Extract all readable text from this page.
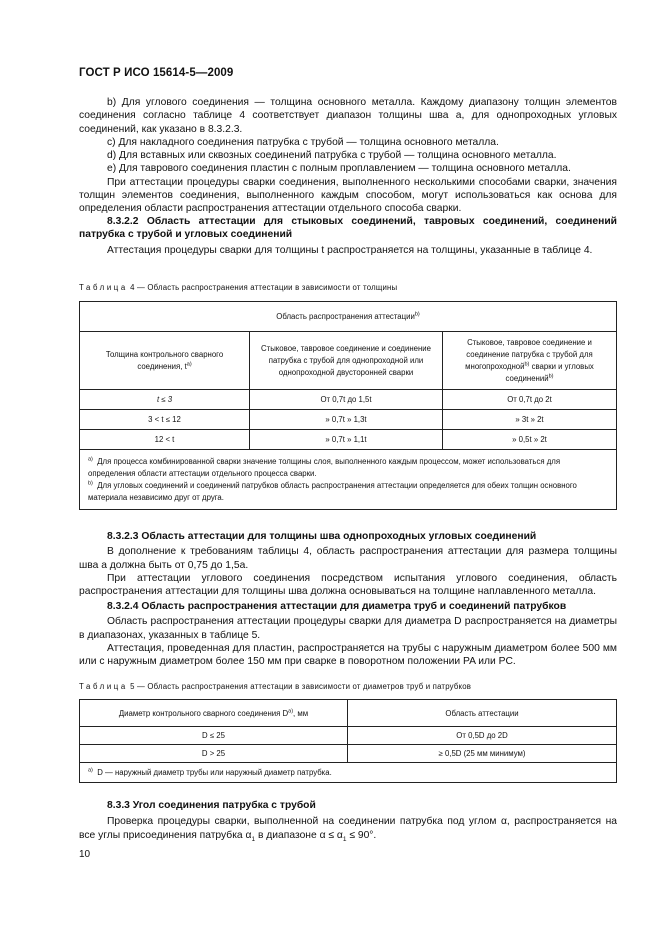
ГОСТ Р ИСО 15614-5—2009
b) Для углового соединения — толщина основного металла. Каждому диапазону толщин элементов соединения согласно таблице 4 соответствует диапазон толщины шва a, для однопроходных угловых соединений, как указано в 8.3.2.3.
c) Для накладного соединения патрубка с трубой — толщина основного металла.
d) Для вставных или сквозных соединений патрубка с трубой — толщина основного металла.
e) Для таврового соединения пластин с полным проплавлением — толщина основного металла.
При аттестации процедуры сварки соединения, выполненного несколькими способами сварки, значения толщин элементов соединения, выполненного каждым способом, могут использоваться как основа для определения области распространения аттестации отдельного способа сварки.
8.3.2.2 Область аттестации для стыковых соединений, тавровых соединений, соединений патрубка с трубой и угловых соединений
Аттестация процедуры сварки для толщины t распространяется на толщины, указанные в таблице 4.
Таблица 4 — Область распространения аттестации в зависимости от толщины
Область распространения аттестации$^{b)}$
Толщина контрольного сварного соединения, $t^{a)}$	Стыковое, тавровое соединение и соединение патрубка с трубой для однопроходной или однопроходной двусторонней сварки	Стыковое, тавровое соединение и соединение патрубка с трубой для многопроходной$^{b)}$ сварки и угловых соединений$^{b)}$
t ≤ 3	От 0,7t до 1,5t	От 0,7t до 2t
3 < t ≤ 12	» 0,7t » 1,3t	» 3t » 2t
12 < t	» 0,7t » 1,1t	» 0,5t » 2t

$^{a)}$ Для процесса комбинированной сварки значение толщины слоя, выполненного каждым процессом, может использоваться для определения области аттестации отдельного процесса сварки.
$^{b)}$ Для угловых соединений и соединений патрубков область распространения аттестации определяется для обеих толщин основного материала независимо друг от друга.		
8.3.2.3 Область аттестации для толщины шва однопроходных угловых соединений
В дополнение к требованиям таблицы 4, область распространения аттестации для размера толщины шва a должна быть от 0,75 до 1,5a.
При аттестации углового соединения посредством испытания углового соединения, область распространения аттестации для толщины шва должна основываться на толщине наплавленного металла.
8.3.2.4 Область распространения аттестации для диаметра труб и соединений патрубков
Область распространения аттестации процедуры сварки для диаметра D распространяется на диаметры в диапазонах, указанных в таблице 5.
Аттестация, проведенная для пластин, распространяется на трубы с наружным диаметром более 500 мм или с наружным диаметром более 150 мм при сварке в поворотном положении PA или PC.
Таблица 5 — Область распространения аттестации в зависимости от диаметров труб и патрубков
Диаметр контрольного сварного соединения $D^{a)}$, мм	Область аттестации
D ≤ 25	От 0,5D до 2D
D > 25	≥ 0,5D (25 мм минимум)
$^{a)}$ D — наружный диаметр трубы или наружный диаметр патрубка.	
8.3.3 Угол соединения патрубка с трубой
Проверка процедуры сварки, выполненной на соединении патрубка под углом α, распространяется на все углы присоединения патрубка $\alpha_1$ в диапазоне $\alpha \le \alpha_1 \le 90^\circ$.
10
